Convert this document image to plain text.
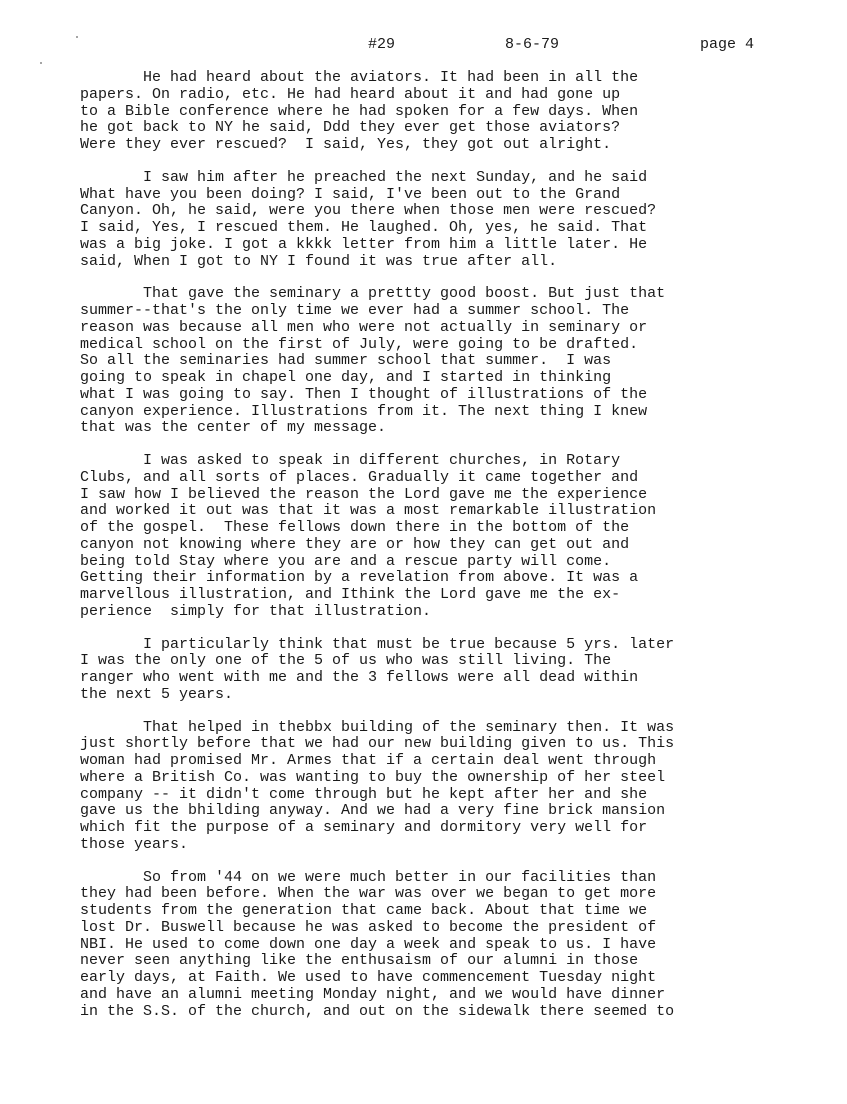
#29	8-6-79	page 4
He had heard about the aviators. It had been in all the
papers. On radio, etc. He had heard about it and had gone up
to a Bible conference where he had spoken for a few days. When
he got back to NY he said, Ddd they ever get those aviators?
Were they ever rescued?  I said, Yes, they got out alright.
I saw him after he preached the next Sunday, and he said
What have you been doing? I said, I've been out to the Grand
Canyon. Oh, he said, were you there when those men were rescued?
I said, Yes, I rescued them. He laughed. Oh, yes, he said. That
was a big joke. I got a kkkk letter from him a little later. He
said, When I got to NY I found it was true after all.
That gave the seminary a prettty good boost. But just that
summer--that's the only time we ever had a summer school. The
reason was because all men who were not actually in seminary or
medical school on the first of July, were going to be drafted.
So all the seminaries had summer school that summer.  I was
going to speak in chapel one day, and I started in thinking
what I was going to say. Then I thought of illustrations of the
canyon experience. Illustrations from it. The next thing I knew
that was the center of my message.
I was asked to speak in different churches, in Rotary
Clubs, and all sorts of places. Gradually it came together and
I saw how I believed the reason the Lord gave me the experience
and worked it out was that it was a most remarkable illustration
of the gospel.  These fellows down there in the bottom of the
canyon not knowing where they are or how they can get out and
being told Stay where you are and a rescue party will come.
Getting their information by a revelation from above. It was a
marvellous illustration, and Ithink the Lord gave me the ex-
perience  simply for that illustration.
I particularly think that must be true because 5 yrs. later
I was the only one of the 5 of us who was still living. The
ranger who went with me and the 3 fellows were all dead within
the next 5 years.
That helped in thebbx building of the seminary then. It was
just shortly before that we had our new building given to us. This
woman had promised Mr. Armes that if a certain deal went through
where a British Co. was wanting to buy the ownership of her steel
company -- it didn't come through but he kept after her and she
gave us the bhilding anyway. And we had a very fine brick mansion
which fit the purpose of a seminary and dormitory very well for
those years.
So from '44 on we were much better in our facilities than
they had been before. When the war was over we began to get more
students from the generation that came back. About that time we
lost Dr. Buswell because he was asked to become the president of
NBI. He used to come down one day a week and speak to us. I have
never seen anything like the enthusaism of our alumni in those
early days, at Faith. We used to have commencement Tuesday night
and have an alumni meeting Monday night, and we would have dinner
in the S.S. of the church, and out on the sidewalk there seemed to
